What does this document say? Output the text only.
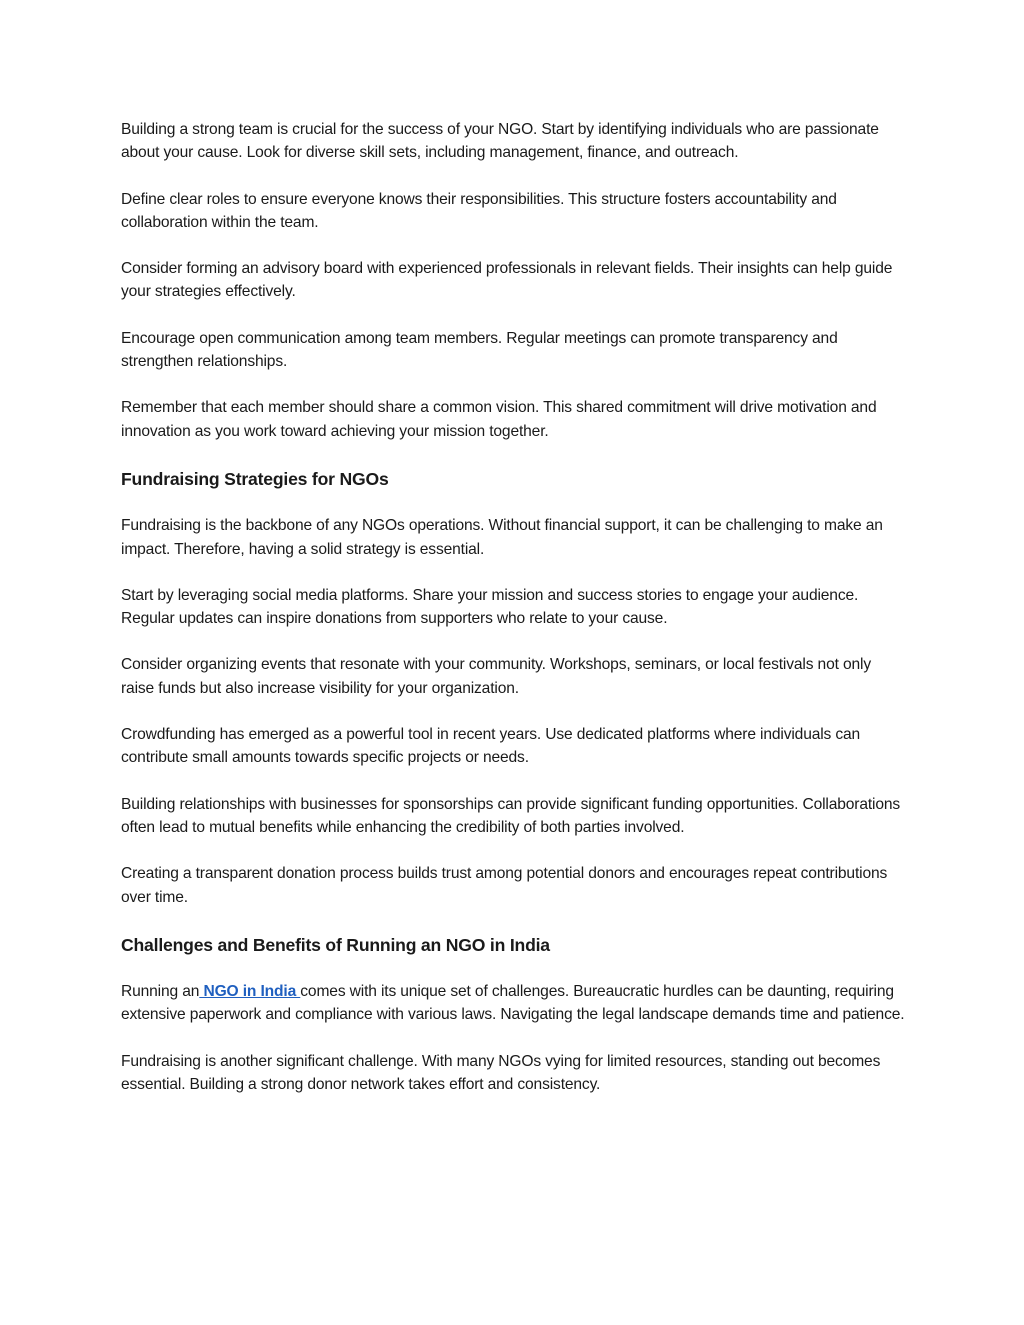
Building a strong team is crucial for the success of your NGO. Start by identifying individuals who are passionate about your cause. Look for diverse skill sets, including management, finance, and outreach.

Define clear roles to ensure everyone knows their responsibilities. This structure fosters accountability and collaboration within the team.

Consider forming an advisory board with experienced professionals in relevant fields. Their insights can help guide your strategies effectively.

Encourage open communication among team members. Regular meetings can promote transparency and strengthen relationships.

Remember that each member should share a common vision. This shared commitment will drive motivation and innovation as you work toward achieving your mission together.

Fundraising Strategies for NGOs

Fundraising is the backbone of any NGOs operations. Without financial support, it can be challenging to make an impact. Therefore, having a solid strategy is essential.

Start by leveraging social media platforms. Share your mission and success stories to engage your audience. Regular updates can inspire donations from supporters who relate to your cause.

Consider organizing events that resonate with your community. Workshops, seminars, or local festivals not only raise funds but also increase visibility for your organization.

Crowdfunding has emerged as a powerful tool in recent years. Use dedicated platforms where individuals can contribute small amounts towards specific projects or needs.

Building relationships with businesses for sponsorships can provide significant funding opportunities. Collaborations often lead to mutual benefits while enhancing the credibility of both parties involved.

Creating a transparent donation process builds trust among potential donors and encourages repeat contributions over time.

Challenges and Benefits of Running an NGO in India

Running an NGO in India comes with its unique set of challenges. Bureaucratic hurdles can be daunting, requiring extensive paperwork and compliance with various laws. Navigating the legal landscape demands time and patience.

Fundraising is another significant challenge. With many NGOs vying for limited resources, standing out becomes essential. Building a strong donor network takes effort and consistency.
